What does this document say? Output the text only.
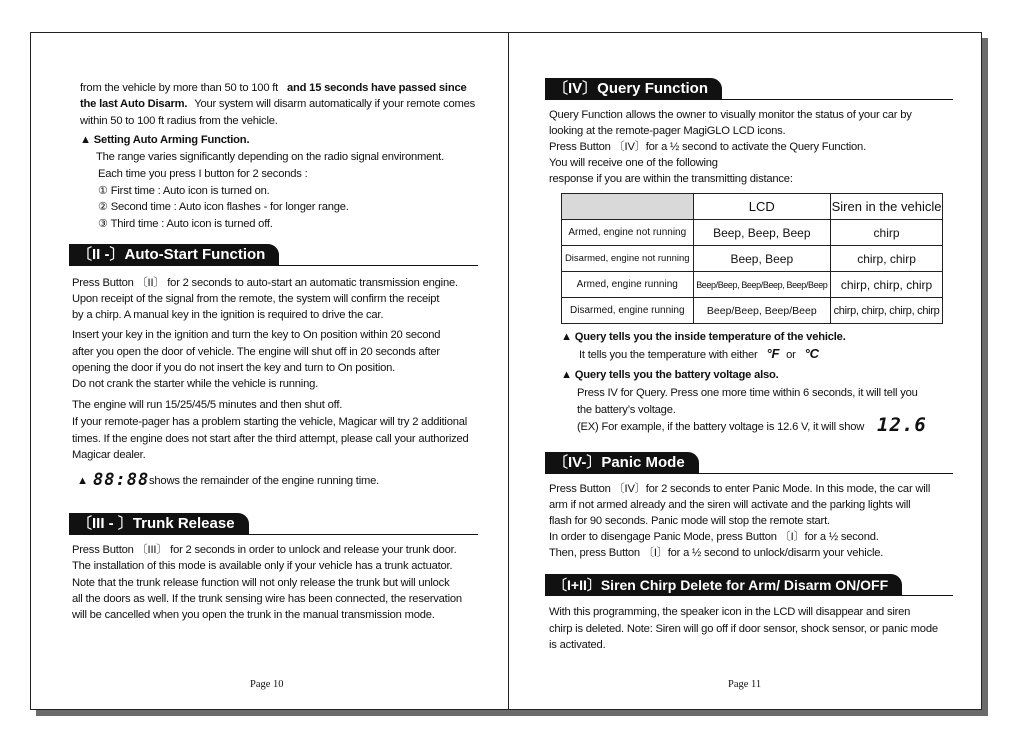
from the vehicle by more than 50 to 100 ft and 15 seconds have passed since
the last Auto Disarm. Your system will disarm automatically if your remote comes
within 50 to 100 ft radius from the vehicle.
▲ Setting Auto Arming Function.
The range varies significantly depending on the radio signal environment.
Each time you press I button for 2 seconds :
① First time : Auto icon is turned on.
② Second time : Auto icon flashes - for longer range.
③ Third time : Auto icon is turned off.
〔II -〕Auto-Start Function
Press Button 〔II〕 for 2 seconds to auto-start an automatic transmission engine.
Upon receipt of the signal from the remote, the system will confirm the receipt
by a chirp. A manual key in the ignition is required to drive the car.
Insert your key in the ignition and turn the key to On position within 20 second
after you open the door of vehicle. The engine will shut off in 20 seconds after
opening the door if you do not insert the key and turn to On position.
Do not crank the starter while the vehicle is running.
The engine will run 15/25/45/5 minutes and then shut off.
If your remote-pager has a problem starting the vehicle, Magicar will try 2 additional
times. If the engine does not start after the third attempt, please call your authorized
Magicar dealer.
▲ 88:88 shows the remainder of the engine running time.
〔III - 〕Trunk Release
Press Button 〔III〕 for 2 seconds in order to unlock and release your trunk door.
The installation of this mode is available only if your vehicle has a trunk actuator.
Note that the trunk release function will not only release the trunk but will unlock
all the doors as well. If the trunk sensing wire has been connected, the reservation
will be cancelled when you open the trunk in the manual transmission mode.
Page 10
〔IV〕Query Function
Query Function allows the owner to visually monitor the status of your car by
looking at the remote-pager MagiGLO LCD icons.
Press Button 〔IV〕for a ½ second to activate the Query Function.
You will receive one of the following
response if you are within the transmitting distance:
	LCD	Siren in the vehicle
Armed, engine not running	Beep, Beep, Beep	chirp
Disarmed, engine not running	Beep, Beep	chirp, chirp
Armed, engine running	Beep/Beep, Beep/Beep, Beep/Beep	chirp, chirp, chirp
Disarmed, engine running	Beep/Beep, Beep/Beep	chirp, chirp, chirp, chirp
▲ Query tells you the inside temperature of the vehicle.
It tells you the temperature with either °F or °C
▲ Query tells you the battery voltage also.
Press IV for Query. Press one more time within 6 seconds, it will tell you
the battery’s voltage.
(EX) For example, if the battery voltage is 12.6 V, it will show 12.6
〔IV-〕Panic Mode
Press Button 〔IV〕for 2 seconds to enter Panic Mode. In this mode, the car will
arm if not armed already and the siren will activate and the parking lights will
flash for 90 seconds. Panic mode will stop the remote start.
In order to disengage Panic Mode, press Button 〔I〕for a ½ second.
Then, press Button 〔I〕for a ½ second to unlock/disarm your vehicle.
〔I+II〕Siren Chirp Delete for Arm/ Disarm ON/OFF
With this programming, the speaker icon in the LCD will disappear and siren
chirp is deleted. Note: Siren will go off if door sensor, shock sensor, or panic mode
is activated.
Page 11
